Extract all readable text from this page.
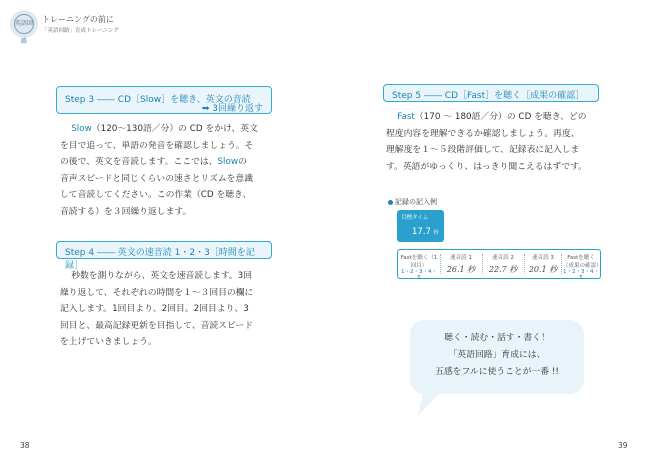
英語回路
トレーニングの前に
「英語回路」育成トレーニング
Step 3 ―― CD［Slow］を聴き、英文の音読
➡ 3回繰り返す
Slow（120～130語／分）の CD をかけ、英文
を目で追って、単語の発音を確認しましょう。そ
の後で、英文を音読します。ここでは、Slowの
音声スピードと同じくらいの速さとリズムを意識
して音読してください。この作業（CD を聴き、
音読する）を３回繰り返します。
Step 4 ―― 英文の速音読 1・2・3［時間を記録］
秒数を測りながら、英文を速音読します。3回
繰り返して、それぞれの時間を１～３回目の欄に
記入します。1回目より、2回目。2回目より、3
回目と、最高記録更新を目指して、音読スピード
を上げていきましょう。
Step 5 ―― CD［Fast］を聴く［成果の確認］
Fast（170 ～ 180語／分）の CD を聴き、どの
程度内容を理解できるか確認しましょう。再度、
理解度を１～５段階評価して、記録表に記入しま
す。英語がゆっくり、はっきり聞こえるはずです。
記録の記入例
目標タイム
17.7 秒
Fastを聴く（1回目）
1・2・3・4・5
速音読 1
26.1 秒
速音読 2
22.7 秒
速音読 3
20.1 秒
Fastを聴く（成果の確認）
1・2・3・4・5
聴く・読む・話す・書く！
「英語回路」育成には、
五感をフルに使うことが一番 !!
38	39
